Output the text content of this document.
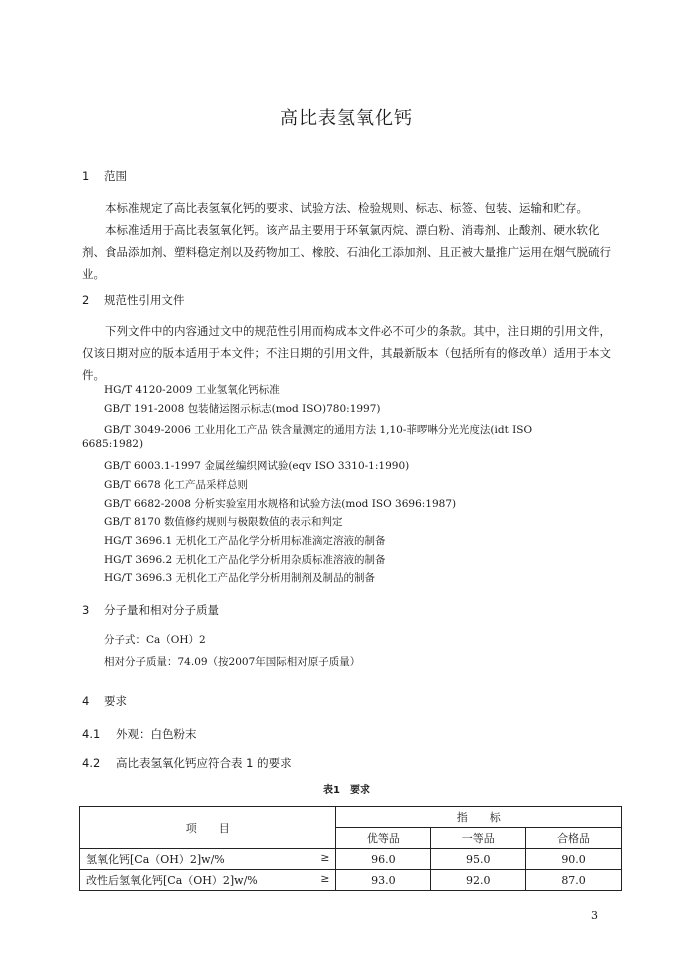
高比表氢氧化钙
1 范围
本标准规定了高比表氢氧化钙的要求、试验方法、检验规则、标志、标签、包装、运输和贮存。
本标准适用于高比表氢氧化钙。该产品主要用于环氧氯丙烷、漂白粉、消毒剂、止酸剂、硬水软化剂、食品添加剂、塑料稳定剂以及药物加工、橡胶、石油化工添加剂、且正被大量推广运用在烟气脱硫行业。
2 规范性引用文件
下列文件中的内容通过文中的规范性引用而构成本文件必不可少的条款。其中，注日期的引用文件，仅该日期对应的版本适用于本文件；不注日期的引用文件，其最新版本（包括所有的修改单）适用于本文件。
HG/T 4120-2009 工业氢氧化钙标准
GB/T 191-2008 包装储运图示标志(mod ISO)780:1997)
GB/T 3049-2006 工业用化工产品 铁含量测定的通用方法 1,10-菲啰啉分光光度法(idt ISO
6685:1982)
GB/T 6003.1-1997 金属丝编织网试验(eqv ISO 3310-1:1990)
GB/T 6678 化工产品采样总则
GB/T 6682-2008 分析实验室用水规格和试验方法(mod ISO 3696:1987)
GB/T 8170 数值修约规则与极限数值的表示和判定
HG/T 3696.1 无机化工产品化学分析用标准滴定溶液的制备
HG/T 3696.2 无机化工产品化学分析用杂质标准溶液的制备
HG/T 3696.3 无机化工产品化学分析用制剂及制品的制备
3 分子量和相对分子质量
分子式：Ca（OH）2
相对分子质量：74.09（按2007年国际相对原子质量）
4 要求
4.1 外观：白色粉末
4.2 高比表氢氧化钙应符合表 1 的要求
表1　要求
项　　目	指　　标		
	优等品	一等品	合格品
氢氧化钙[Ca（OH）2]w/% ≥	96.0	95.0	90.0
改性后氢氧化钙[Ca（OH）2]w/% ≥	93.0	92.0	87.0
3
